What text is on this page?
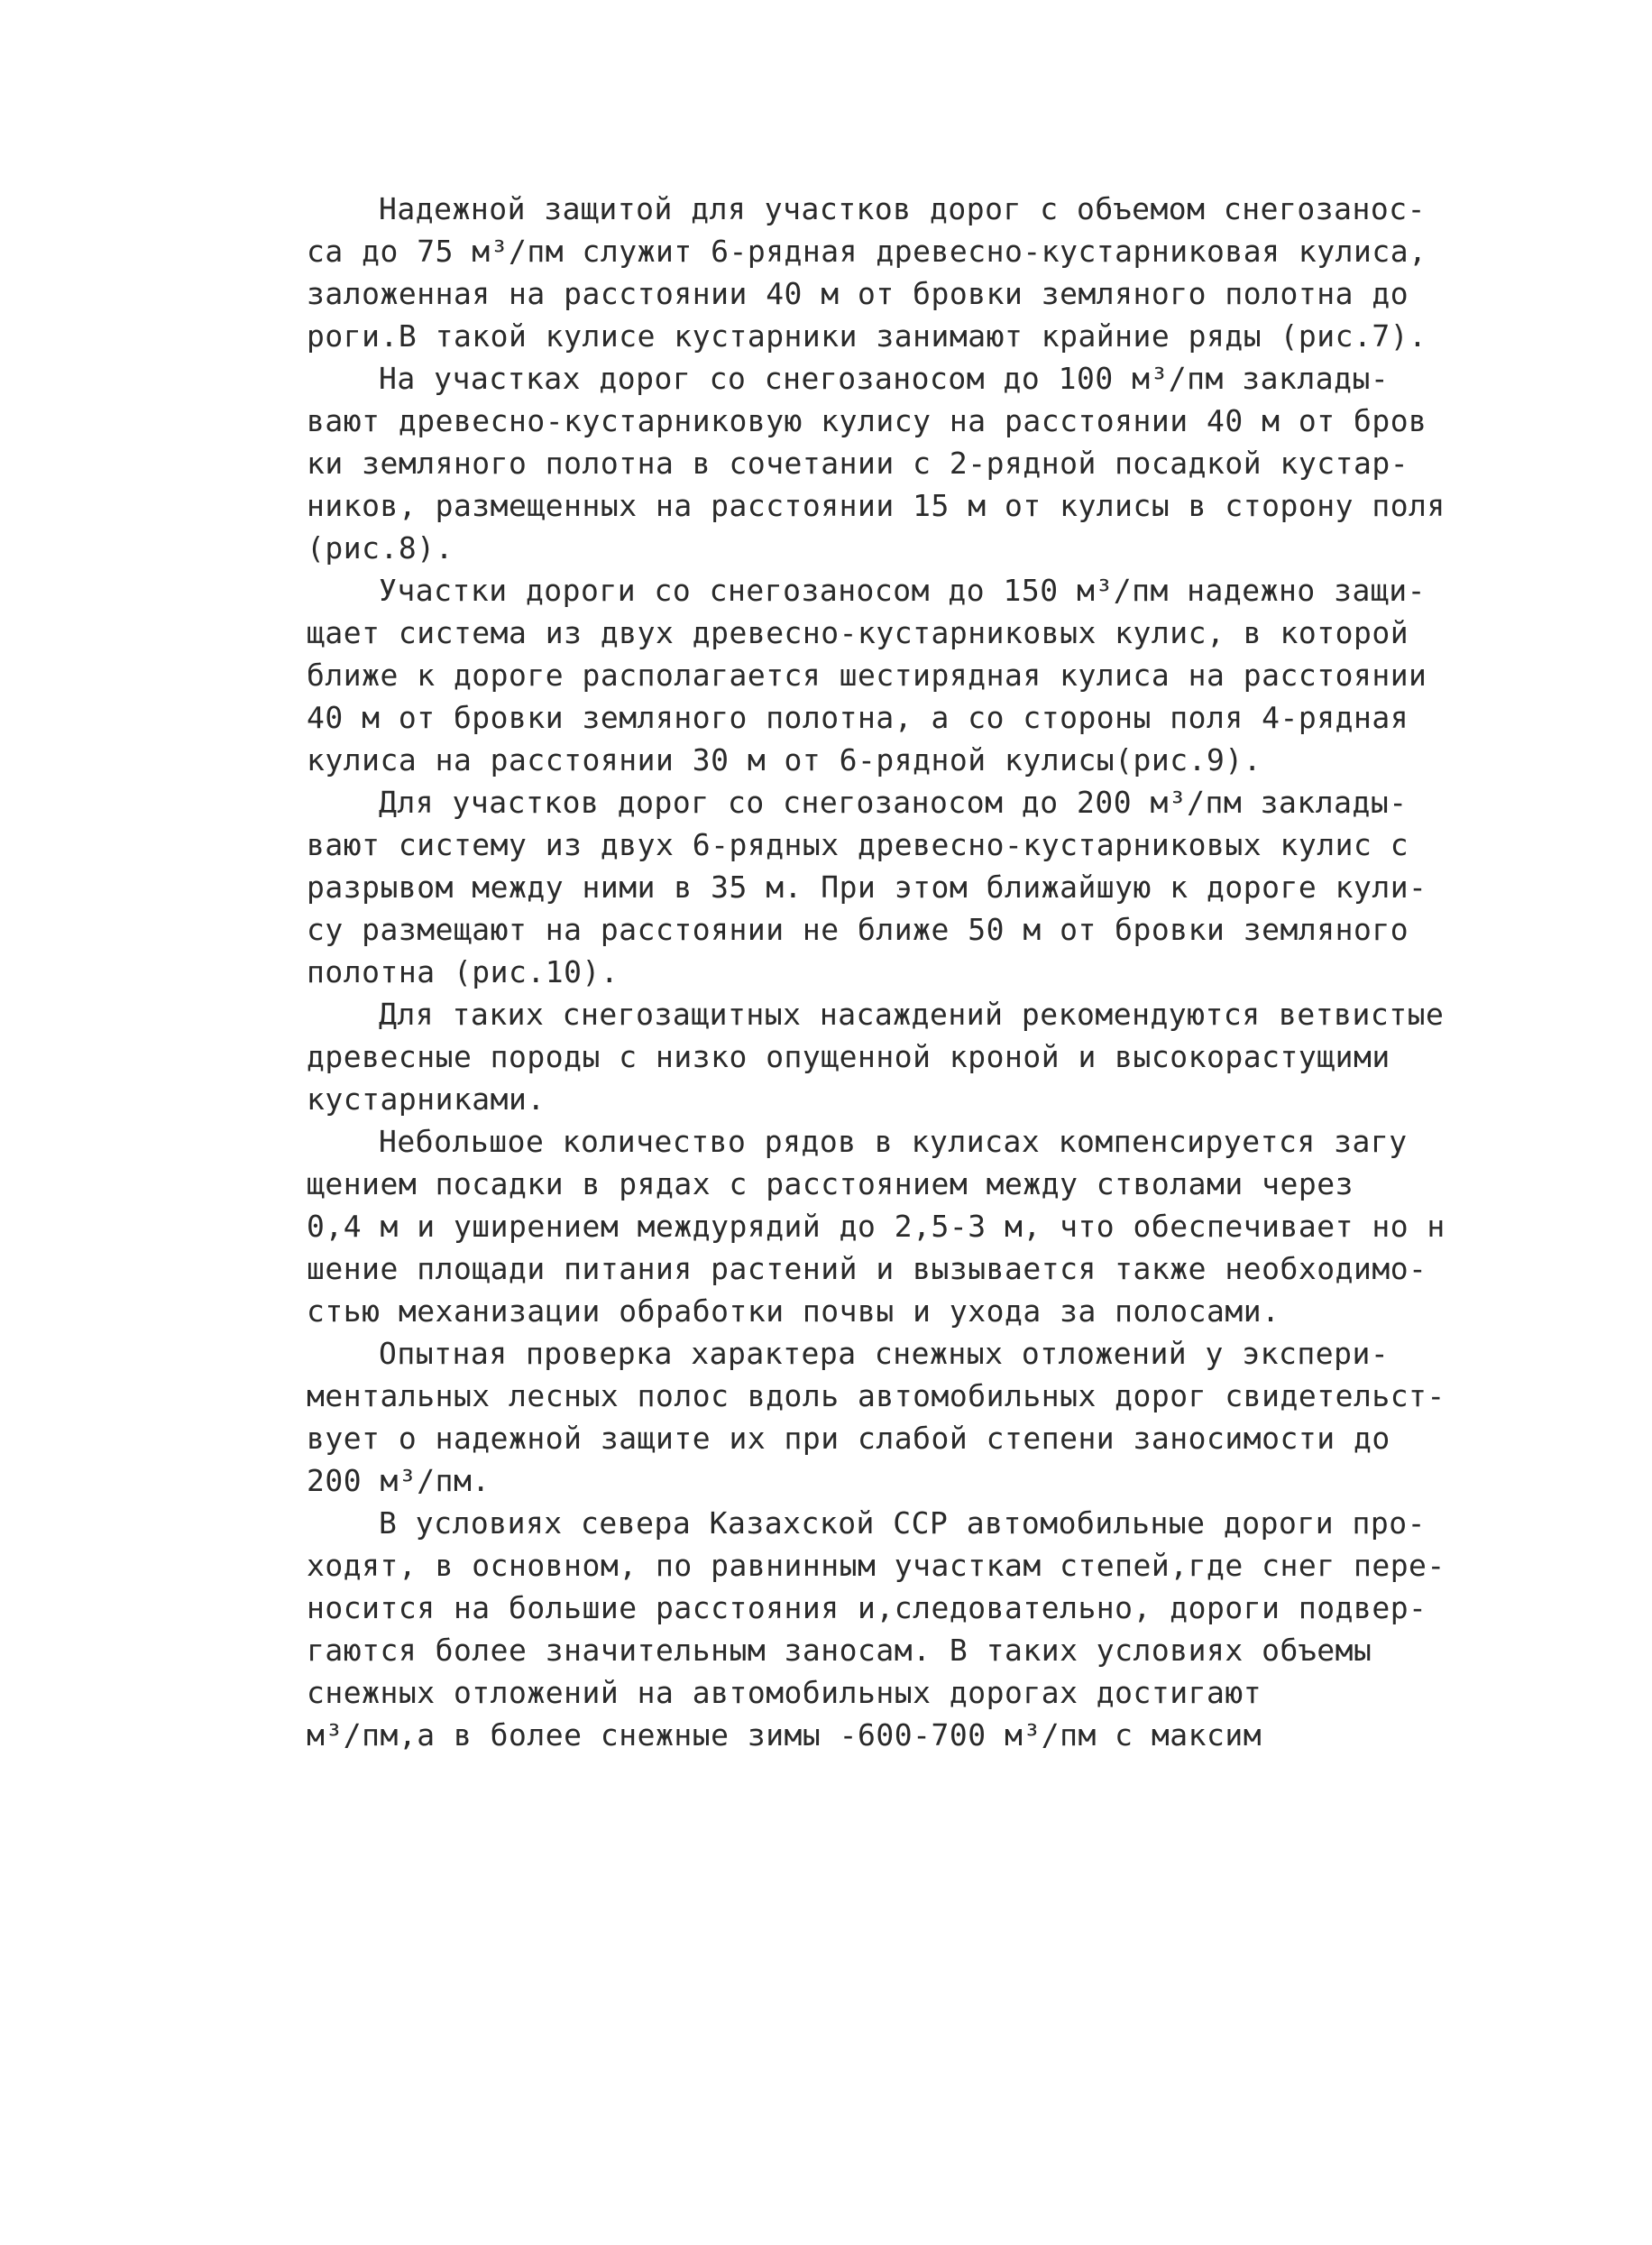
Надежной защитой для участков дорог с объемом снегозанос-
са до 75 м³/пм служит 6-рядная древесно-кустарниковая кулиса,
заложенная на расстоянии 40 м от бровки земляного полотна до
роги.В такой кулисе кустарники занимают крайние ряды (рис.7).
На участках дорог со снегозаносом до 100 м³/пм заклады-
вают древесно-кустарниковую кулису на расстоянии 40 м от бров
ки земляного полотна в сочетании с 2-рядной посадкой кустар-
ников, размещенных на расстоянии 15 м от кулисы в сторону поля
(рис.8).
Участки дороги со снегозаносом до 150 м³/пм надежно защи-
щает система из двух древесно-кустарниковых кулис, в которой
ближе к дороге располагается шестирядная кулиса на расстоянии
40 м от бровки земляного полотна, а со стороны поля 4-рядная
кулиса на расстоянии 30 м от 6-рядной кулисы(рис.9).
Для участков дорог со снегозаносом до 200 м³/пм заклады-
вают систему из двух 6-рядных древесно-кустарниковых кулис с
разрывом между ними в 35 м. При этом ближайшую к дороге кули-
су размещают на расстоянии не ближе 50 м от бровки земляного
полотна (рис.10).
Для таких снегозащитных насаждений рекомендуются ветвистые
древесные породы с низко опущенной кроной и высокорастущими
кустарниками.
Небольшое количество рядов в кулисах компенсируется загу
щением посадки в рядах с расстоянием между стволами через
0,4 м и уширением междурядий до 2,5-3 м, что обеспечивает но н
шение площади питания растений и вызывается также необходимо-
стью механизации обработки почвы и ухода за полосами.
Опытная проверка характера снежных отложений у экспери-
ментальных лесных полос вдоль автомобильных дорог свидетельст-
вует о надежной защите их при слабой степени заносимости до
200 м³/пм.
В условиях севера Казахской ССР автомобильные дороги про-
ходят, в основном, по равнинным участкам степей,где снег пере-
носится на большие расстояния и,следовательно, дороги подвер-
гаются более значительным заносам. В таких условиях объемы
снежных отложений на автомобильных дорогах достигают
м³/пм,а в более снежные зимы -600-700 м³/пм с максим
